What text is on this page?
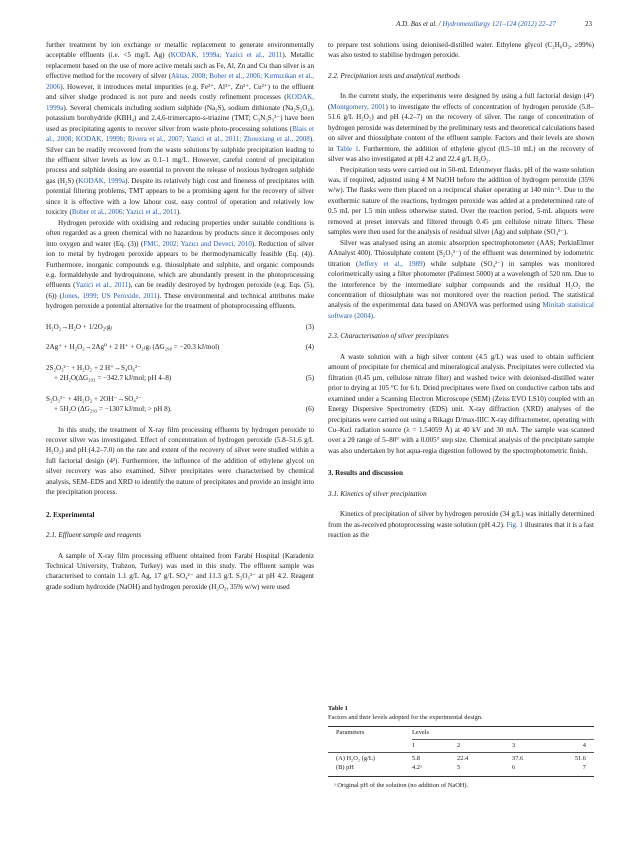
A.D. Bas et al. / Hydrometallurgy 121–124 (2012) 22–27	23

further treatment by ion exchange or metallic replacement to generate environmentally acceptable effluents (i.e. <5 mg/L Ag) (KODAK, 1999a; Yazici et al., 2011). Metallic replacement based on the use of more active metals such as Fe, Al, Zn and Cu than silver is an effective method for the recovery of silver (Aktas, 2008; Bober et al., 2006; Kırmızıkan et al., 2006). However, it introduces metal impurities (e.g. Fe²⁺, Al³⁺, Zn²⁺, Cu²⁺) to the effluent and silver sludge produced is not pure and needs costly refinement processes (KODAK, 1999a). Several chemicals including sodium sulphide (Na₂S), sodium dithionate (Na₂S₂O₄), potassium borohydride (KBH₄) and 2,4,6-trimercapto-s-triazine (TMT; C₃N₃S₃³⁻) have been used as precipitating agents to recover silver from waste photo-processing solutions (Blais et al., 2008; KODAK, 1999b; Rivera et al., 2007; Yazici et al., 2011; Zhouxiang et al., 2008). Silver can be readily recovered from the waste solutions by sulphide precipitation leading to the effluent silver levels as low as 0.1–1 mg/L. However, careful control of precipitation process and sulphide dosing are essential to prevent the release of noxious hydrogen sulphide gas (H₂S) (KODAK, 1999a). Despite its relatively high cost and fineness of precipitates with potential filtering problems, TMT appears to be a promising agent for the recovery of silver since it is effective with a low labour cost, easy control of operation and relatively low toxicity (Bober et al., 2006; Yazici et al., 2011).

Hydrogen peroxide with oxidising and reducing properties under suitable conditions is often regarded as a green chemical with no hazardous by products since it decomposes only into oxygen and water (Eq. (3)) (FMC, 2002; Yazıcı and Deveci, 2010). Reduction of silver ion to metal by hydrogen peroxide appears to be thermodynamically feasible (Eq. (4)). Furthermore, inorganic compounds e.g. thiosulphate and sulphite, and organic compounds e.g. formaldehyde and hydroquinone, which are abundantly present in the photoprocessing effluents (Yazici et al., 2011), can be readily destroyed by hydrogen peroxide (e.g. Eqs. (5), (6)) (Jones, 1999; US Peroxide, 2011). These environmental and technical attributes make hydrogen peroxide a potential alternative for the treatment of photoprocessing effluents.

H₂O₂→H₂O + 1/2O₂₍g₎	(3)
2Ag⁺ + H₂O₂→2Ag⁰ + 2 H⁺ + O₂₍g₎ (ΔG₂₉₈ = −20.3 kJ/mol)	(4)
2S₂O₃²⁻ + H₂O₂ + 2 H⁺→S₄O₆²⁻
+ 2H₂O(ΔG₂₉₃ = −342.7 kJ/mol; pH 4–8)	(5)
S₂O₃²⁻ + 4H₂O₂ + 2OH⁻→SO₄²⁻
+ 5H₂O (ΔG₂₉₃ = −1307 kJ/mol; > pH 8).	(6)

In this study, the treatment of X-ray film processing effluents by hydrogen peroxide to recover silver was investigated. Effect of concentration of hydrogen peroxide (5.8–51.6 g/L H₂O₂) and pH (4.2–7.0) on the rate and extent of the recovery of silver were studied within a full factorial design (4²). Furthermore, the influence of the addition of ethylene glycol on silver recovery was also examined. Silver precipitates were characterised by chemical analysis, SEM–EDS and XRD to identify the nature of precipitates and provide an insight into the precipitation process.

2. Experimental

2.1. Effluent sample and reagents

A sample of X-ray film processing effluent obtained from Farabi Hospital (Karadeniz Technical University, Trabzon, Turkey) was used in this study. The effluent sample was characterised to contain 1.1 g/L Ag, 17 g/L SO₄²⁻ and 11.3 g/L S₂O₃²⁻ at pH 4.2. Reagent grade sodium hydroxide (NaOH) and hydrogen peroxide (H₂O₂, 35% w/w) were used

to prepare test solutions using deionised-distilled water. Ethylene glycol (C₂H₆O₂, ≥99%) was also tested to stabilise hydrogen peroxide.

2.2. Precipitation tests and analytical methods

In the current study, the experiments were designed by using a full factorial design (4²) (Montgomery, 2001) to investigate the effects of concentration of hydrogen peroxide (5.8–51.6 g/L H₂O₂) and pH (4.2–7) on the recovery of silver. The range of concentration of hydrogen peroxide was determined by the preliminary tests and theoretical calculations based on silver and thiosulphate content of the effluent sample. Factors and their levels are shown in Table 1. Furthermore, the addition of ethylene glycol (0.5–10 mL) on the recovery of silver was also investigated at pH 4.2 and 22.4 g/L H₂O₂.

Precipitation tests were carried out in 50-mL Erlenmeyer flasks. pH of the waste solution was, if required, adjusted using 4 M NaOH before the addition of hydrogen peroxide (35% w/w). The flasks were then placed on a reciprocal shaker operating at 140 min⁻¹. Due to the exothermic nature of the reactions, hydrogen peroxide was added at a predetermined rate of 0.5 mL per 1.5 min unless otherwise stated. Over the reaction period, 5-mL aliquots were removed at preset intervals and filtered through 0.45 µm cellulose nitrate filters. These samples were then used for the analysis of residual silver (Ag) and sulphate (SO₄²⁻).

Silver was analysed using an atomic absorption spectrophotometer (AAS; PerkinElmer AAnalyst 400). Thiosulphate content (S₂O₃²⁻) of the effluent was determined by iodometric titration (Jeffery et al., 1989) while sulphate (SO₄²⁻) in samples was monitored colorimetrically using a filter photometer (Palintest 5000) at a wavelength of 520 nm. Due to the interference by the intermediate sulphur compounds and the residual H₂O₂ the concentration of thiosulphate was not monitored over the reaction period. The statistical analysis of the experimental data based on ANOVA was performed using Minitab statistical software (2004).

2.3. Characterisation of silver precipitates

A waste solution with a high silver content (4.5 g/L) was used to obtain sufficient amount of precipitate for chemical and mineralogical analysis. Precipitates were collected via filtration (0.45 µm, cellulose nitrate filter) and washed twice with deionised-distilled water prior to drying at 105 °C for 6 h. Dried precipitates were fixed on conductive carbon tabs and examined under a Scanning Electron Microscope (SEM) (Zeiss EVO LS10) coupled with an Energy Dispersive Spectrometry (EDS) unit. X-ray diffraction (XRD) analyses of the precipitates were carried out using a Rikagu D/max-IIIC X-ray diffractometer, operating with Cu–Kα1 radiation source (λ = 1.54059 Å) at 40 kV and 30 mA. The sample was scanned over a 2θ range of 5–80° with a 0.005° step size. Chemical analysis of the precipitate sample was also undertaken by hot aqua-regia digestion followed by the spectrophotometric finish.

3. Results and discussion

3.1. Kinetics of silver precipitation

Kinetics of precipitation of silver by hydrogen peroxide (34 g/L) was initially determined from the as-received photoprocessing waste solution (pH 4.2). Fig. 1 illustrates that it is a fast reaction as the

Table 1
Factors and their levels adopted for the experimental design.
Parameters	Levels
1	2	3	4
(A) H₂O₂ (g/L)	5.8	22.4	37.6	51.6
(B) pH	4.2ᵃ	5	6	7
ᵃ Original pH of the solution (no addition of NaOH).
